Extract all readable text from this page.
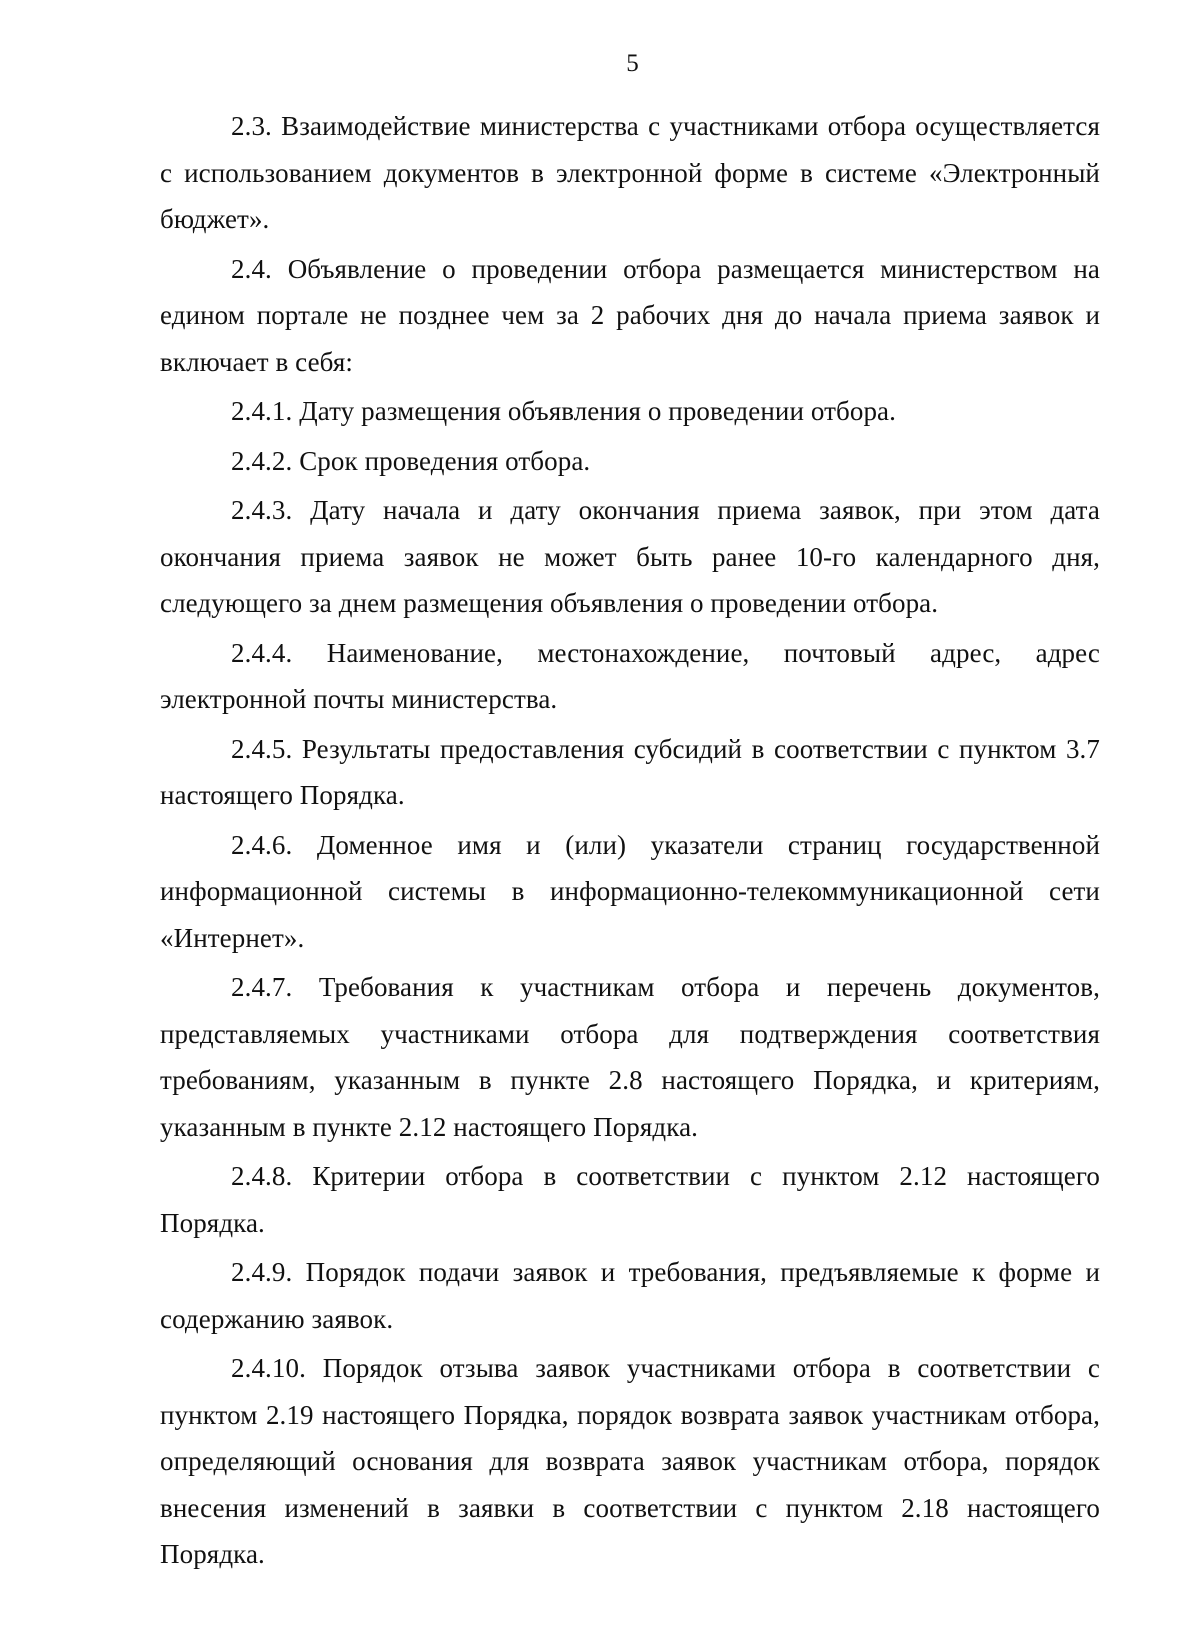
5

2.3. Взаимодействие министерства с участниками отбора осуществляется с использованием документов в электронной форме в системе «Электронный бюджет».

2.4. Объявление о проведении отбора размещается министерством на едином портале не позднее чем за 2 рабочих дня до начала приема заявок и включает в себя:

2.4.1. Дату размещения объявления о проведении отбора.

2.4.2. Срок проведения отбора.

2.4.3. Дату начала и дату окончания приема заявок, при этом дата окончания приема заявок не может быть ранее 10-го календарного дня, следующего за днем размещения объявления о проведении отбора.

2.4.4. Наименование, местонахождение, почтовый адрес, адрес электронной почты министерства.

2.4.5. Результаты предоставления субсидий в соответствии с пунктом 3.7 настоящего Порядка.

2.4.6. Доменное имя и (или) указатели страниц государственной информационной системы в информационно-телекоммуникационной сети «Интернет».

2.4.7. Требования к участникам отбора и перечень документов, представляемых участниками отбора для подтверждения соответствия требованиям, указанным в пункте 2.8 настоящего Порядка, и критериям, указанным в пункте 2.12 настоящего Порядка.

2.4.8. Критерии отбора в соответствии с пунктом 2.12 настоящего Порядка.

2.4.9. Порядок подачи заявок и требования, предъявляемые к форме и содержанию заявок.

2.4.10. Порядок отзыва заявок участниками отбора в соответствии с пунктом 2.19 настоящего Порядка, порядок возврата заявок участникам отбора, определяющий основания для возврата заявок участникам отбора, порядок внесения изменений в заявки в соответствии с пунктом 2.18 настоящего Порядка.
